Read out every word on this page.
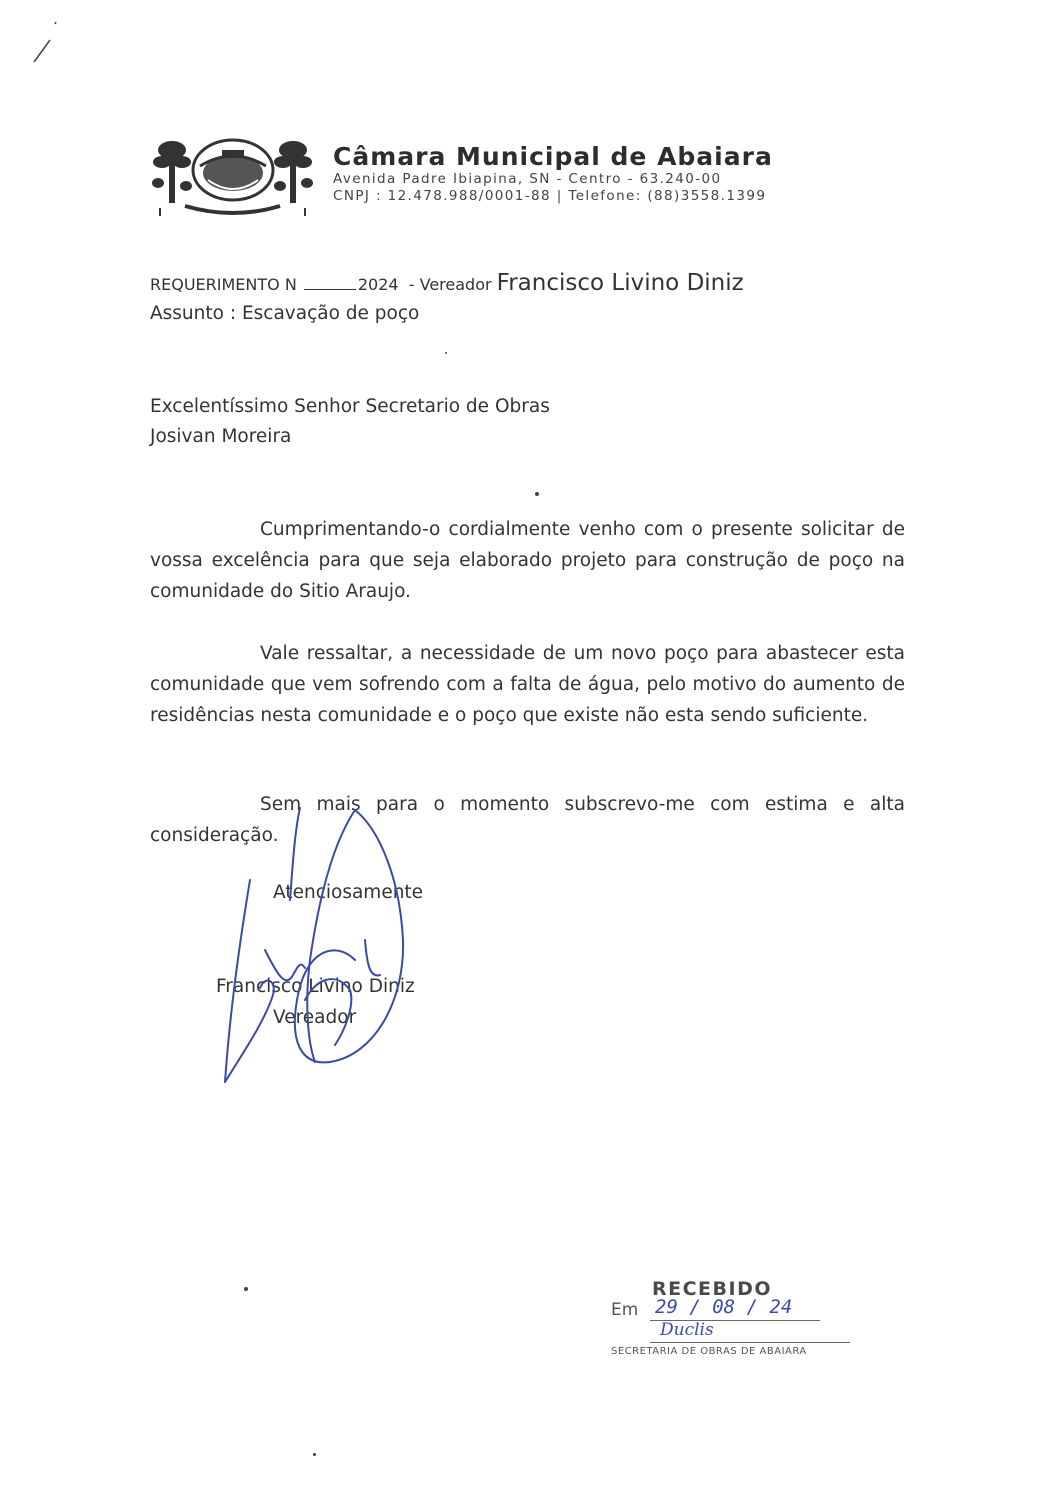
Câmara Municipal de Abaiara
Avenida Padre Ibiapina, SN - Centro - 63.240-00
CNPJ : 12.478.988/0001-88 | Telefone: (88)3558.1399
REQUERIMENTO N	2024 - Vereador Francisco Livino Diniz
Assunto : Escavação de poço
Excelentíssimo Senhor Secretario de Obras
Josivan Moreira
Cumprimentando-o cordialmente venho com o presente solicitar de vossa excelência para que seja elaborado projeto para construção de poço na comunidade do Sitio Araujo.
Vale ressaltar, a necessidade de um novo poço para abastecer esta comunidade que vem sofrendo com a falta de água, pelo motivo do aumento de residências nesta comunidade e o poço que existe não esta sendo suficiente.
Sem mais para o momento subscrevo-me com estima e alta consideração.
Atenciosamente
Francisco Livino Diniz
Vereador
RECEBIDO
Em 29 / 08 / 24
Duclis
SECRETARIA DE OBRAS DE ABAIARA
